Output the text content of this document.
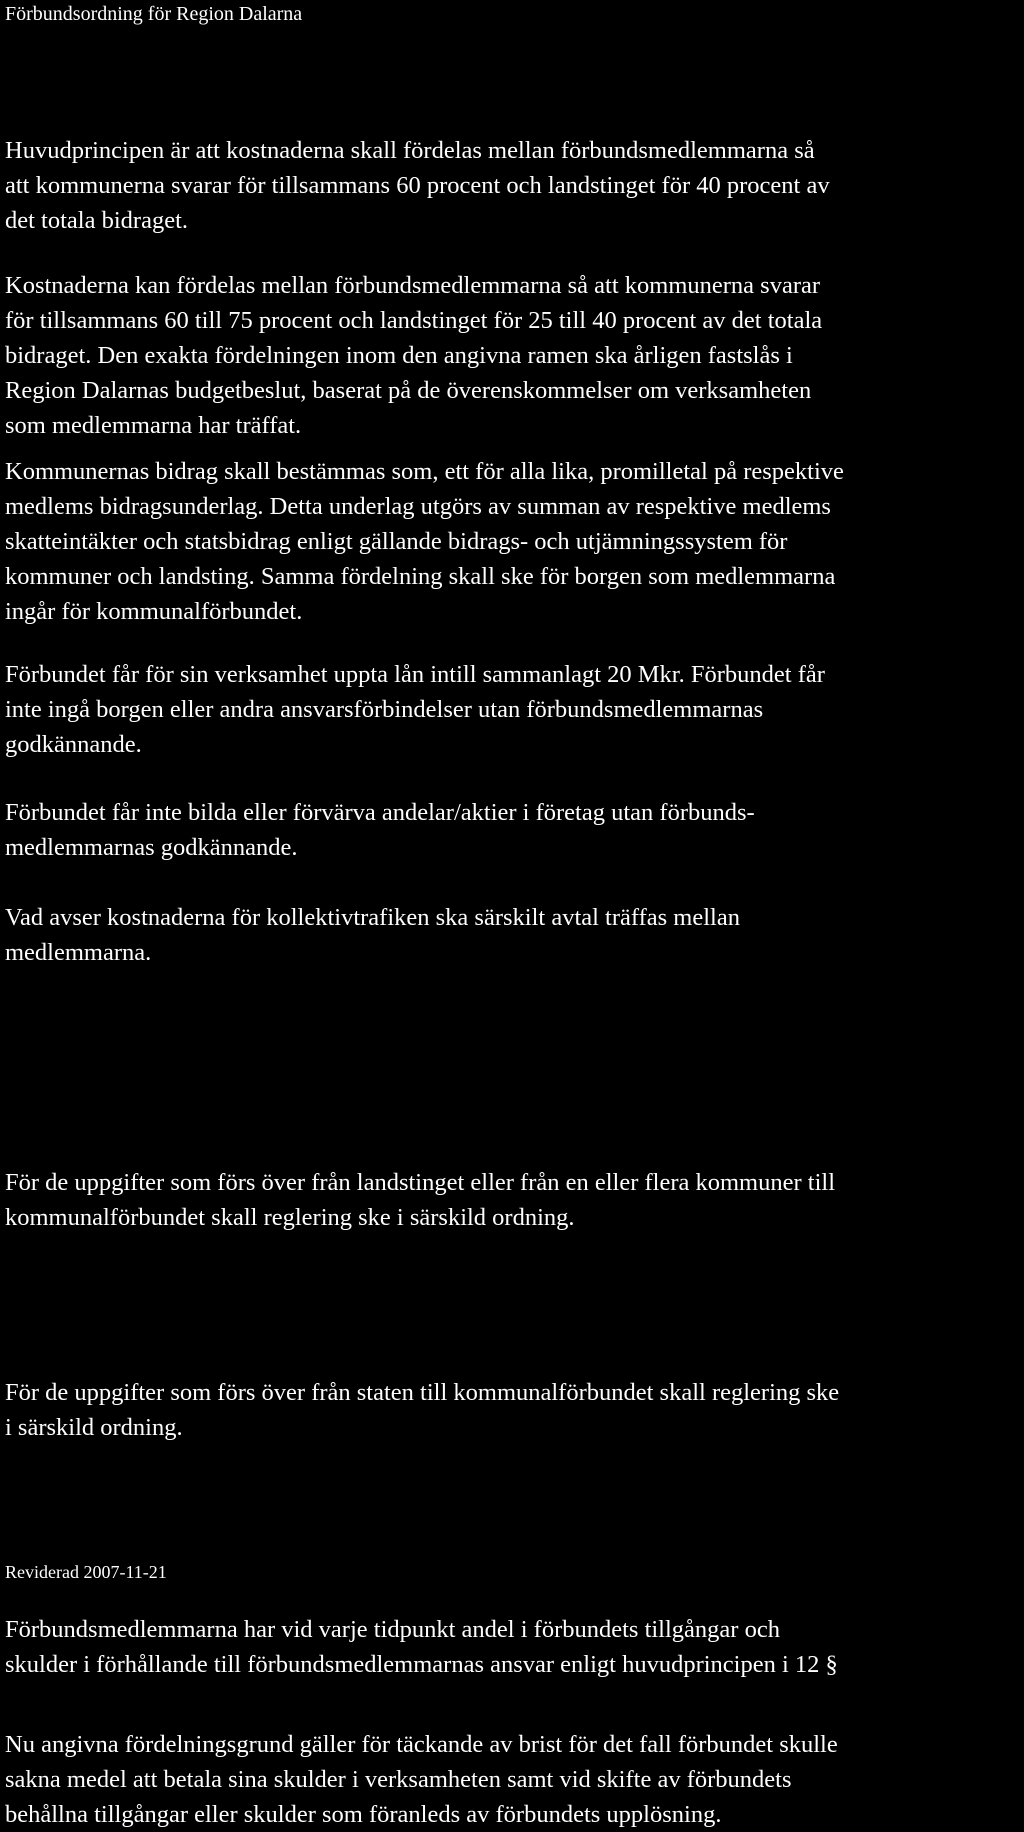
Förbundsordning för Region Dalarna

Huvudprincipen är att kostnaderna skall fördelas mellan förbundsmedlemmarna så
att kommunerna svarar för tillsammans 60 procent och landstinget för 40 procent av
det totala bidraget.

Kostnaderna kan fördelas mellan förbundsmedlemmarna så att kommunerna svarar
för tillsammans 60 till 75 procent och landstinget för 25 till 40 procent av det totala
bidraget. Den exakta fördelningen inom den angivna ramen ska årligen fastslås i
Region Dalarnas budgetbeslut, baserat på de överenskommelser om verksamheten
som medlemmarna har träffat.

Kommunernas bidrag skall bestämmas som, ett för alla lika, promilletal på respektive
medlems bidragsunderlag. Detta underlag utgörs av summan av respektive medlems
skatteintäkter och statsbidrag enligt gällande bidrags- och utjämningssystem för
kommuner och landsting. Samma fördelning skall ske för borgen som medlemmarna
ingår för kommunalförbundet.

Förbundet får för sin verksamhet uppta lån intill sammanlagt 20 Mkr. Förbundet får
inte ingå borgen eller andra ansvarsförbindelser utan förbundsmedlemmarnas
godkännande.

Förbundet får inte bilda eller förvärva andelar/aktier i företag utan förbunds-
medlemmarnas godkännande.

Vad avser kostnaderna för kollektivtrafiken ska särskilt avtal träffas mellan
medlemmarna.

För de uppgifter som förs över från landstinget eller från en eller flera kommuner till
kommunalförbundet skall reglering ske i särskild ordning.

För de uppgifter som förs över från staten till kommunalförbundet skall reglering ske
i särskild ordning.

Reviderad 2007-11-21

Förbundsmedlemmarna har vid varje tidpunkt andel i förbundets tillgångar och
skulder i förhållande till förbundsmedlemmarnas ansvar enligt huvudprincipen i 12 §

Nu angivna fördelningsgrund gäller för täckande av brist för det fall förbundet skulle
sakna medel att betala sina skulder i verksamheten samt vid skifte av förbundets
behållna tillgångar eller skulder som föranleds av förbundets upplösning.
